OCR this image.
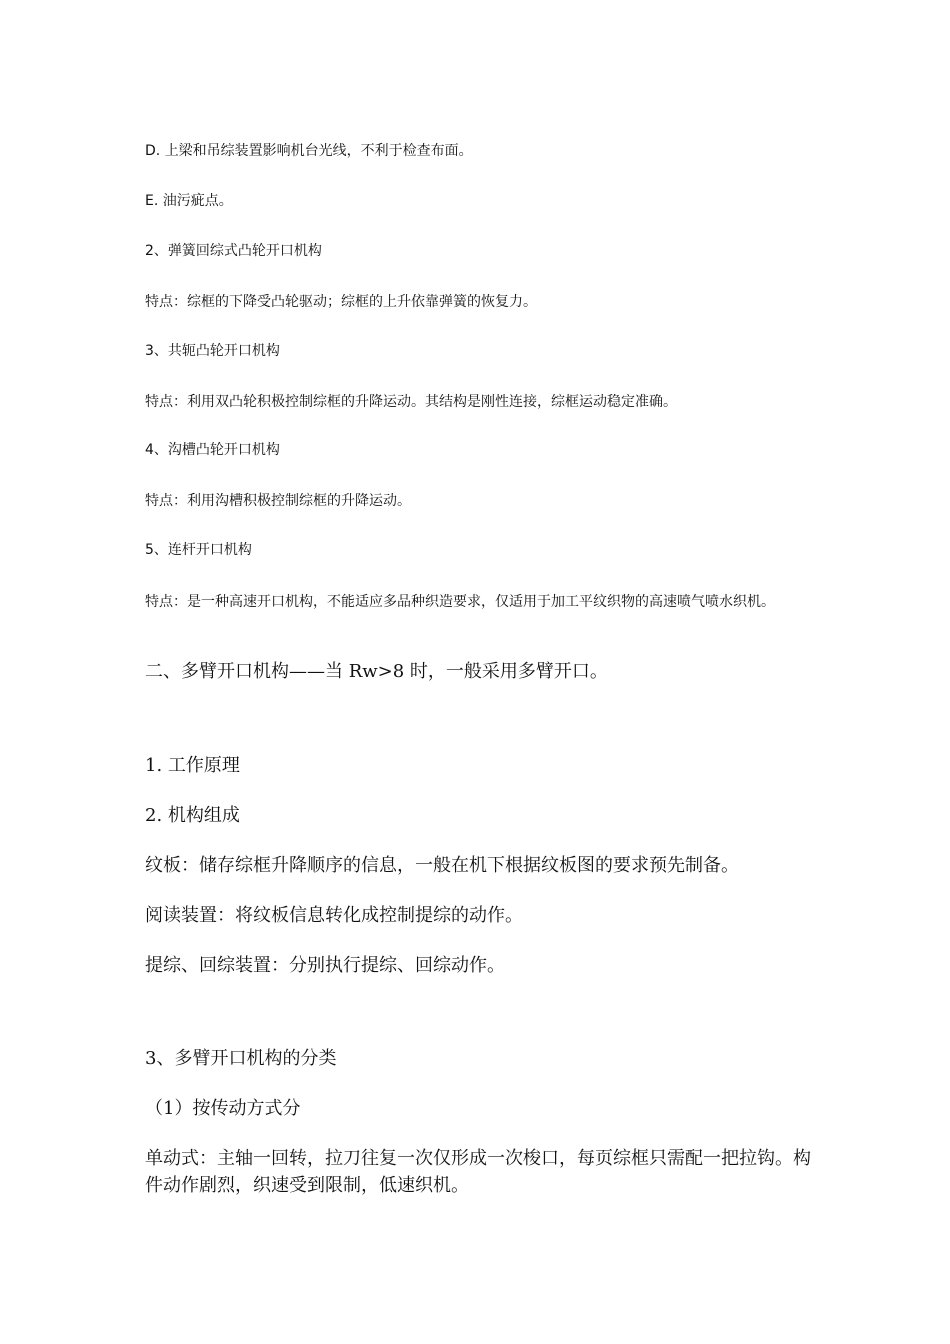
D. 上梁和吊综装置影响机台光线，不利于检查布面。

E. 油污疵点。

2、弹簧回综式凸轮开口机构

特点：综框的下降受凸轮驱动；综框的上升依靠弹簧的恢复力。

3、共轭凸轮开口机构

特点：利用双凸轮积极控制综框的升降运动。其结构是刚性连接，综框运动稳定准确。

4、沟槽凸轮开口机构

特点：利用沟槽积极控制综框的升降运动。

5、连杆开口机构

特点：是一种高速开口机构，不能适应多品种织造要求，仅适用于加工平纹织物的高速喷气喷水织机。

二、多臂开口机构——当 Rw>8 时，一般采用多臂开口。

1. 工作原理

2. 机构组成

纹板：储存综框升降顺序的信息，一般在机下根据纹板图的要求预先制备。

阅读装置：将纹板信息转化成控制提综的动作。

提综、回综装置：分别执行提综、回综动作。

3、多臂开口机构的分类

（1）按传动方式分

单动式：主轴一回转，拉刀往复一次仅形成一次梭口，每页综框只需配一把拉钩。构件动作剧烈，织速受到限制，低速织机。
